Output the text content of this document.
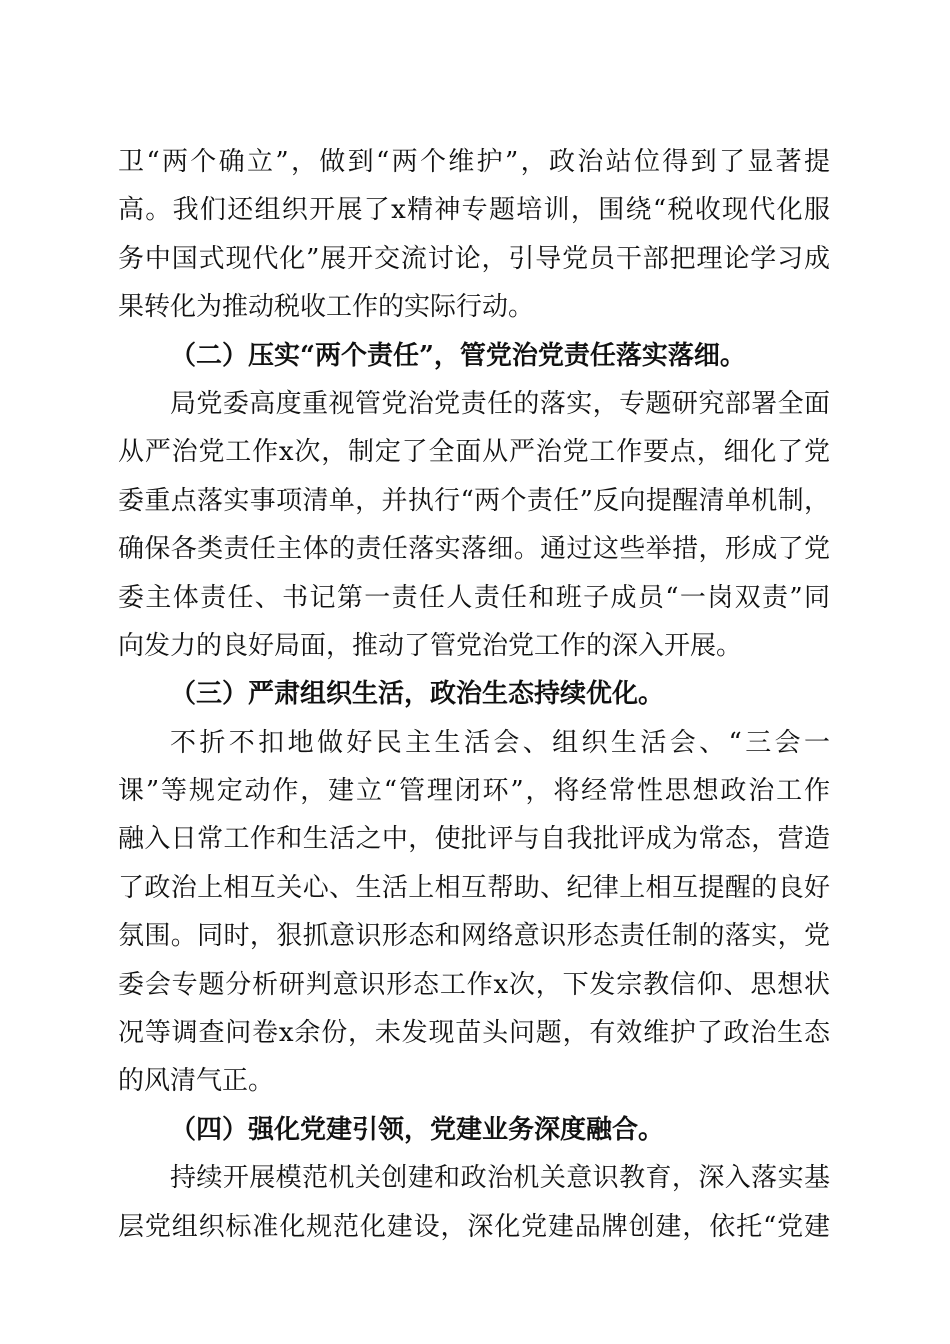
卫“两个确立”，做到“两个维护”，政治站位得到了显著提
高。我们还组织开展了x精神专题培训，围绕“税收现代化服
务中国式现代化”展开交流讨论，引导党员干部把理论学习成
果转化为推动税收工作的实际行动。
（二）压实“两个责任”，管党治党责任落实落细。
局党委高度重视管党治党责任的落实，专题研究部署全面
从严治党工作x次，制定了全面从严治党工作要点，细化了党
委重点落实事项清单，并执行“两个责任”反向提醒清单机制，
确保各类责任主体的责任落实落细。通过这些举措，形成了党
委主体责任、书记第一责任人责任和班子成员“一岗双责”同
向发力的良好局面，推动了管党治党工作的深入开展。
（三）严肃组织生活，政治生态持续优化。
不折不扣地做好民主生活会、组织生活会、“三会一
课”等规定动作，建立“管理闭环”，将经常性思想政治工作
融入日常工作和生活之中，使批评与自我批评成为常态，营造
了政治上相互关心、生活上相互帮助、纪律上相互提醒的良好
氛围。同时，狠抓意识形态和网络意识形态责任制的落实，党
委会专题分析研判意识形态工作x次，下发宗教信仰、思想状
况等调查问卷x余份，未发现苗头问题，有效维护了政治生态
的风清气正。
（四）强化党建引领，党建业务深度融合。
持续开展模范机关创建和政治机关意识教育，深入落实基
层党组织标准化规范化建设，深化党建品牌创建，依托“党建
